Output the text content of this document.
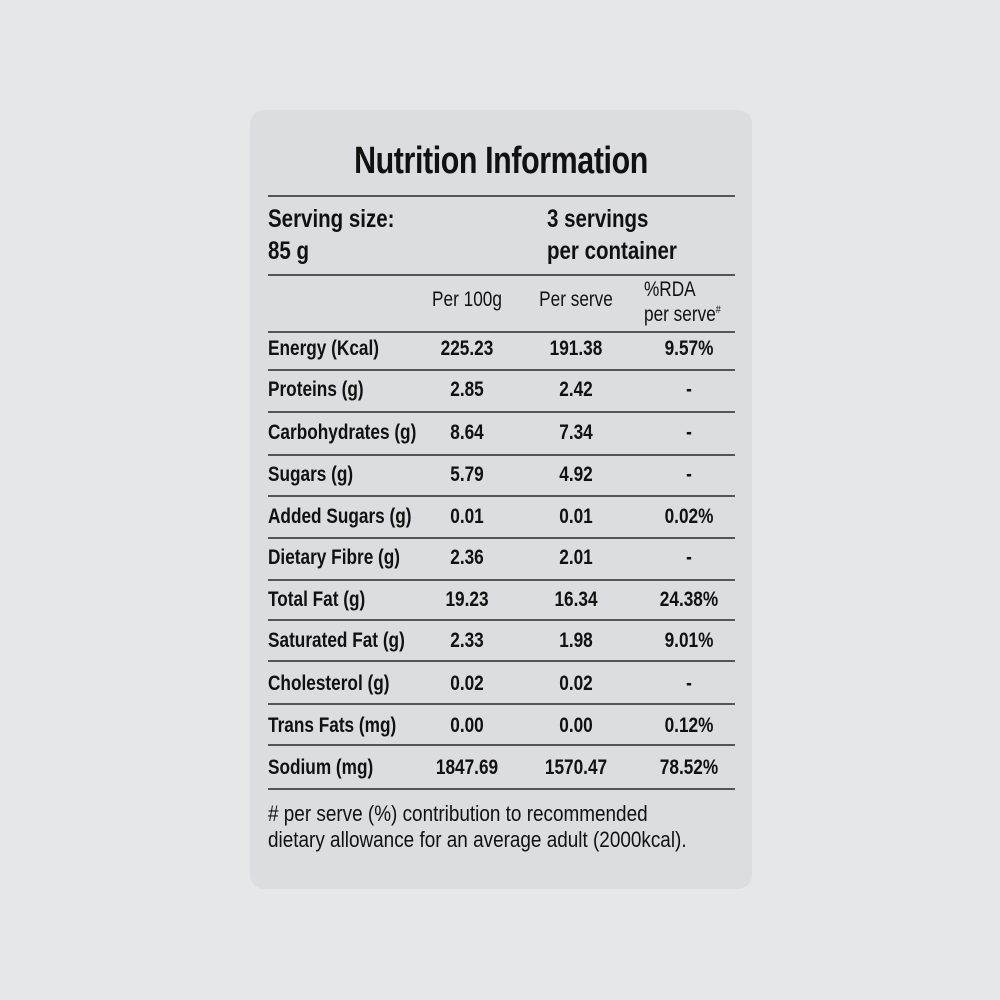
Nutrition Information
Serving size:
85 g
3 servings
per container
Per 100g	Per serve	%RDA
per serve#
Energy (Kcal)	225.23	191.38	9.57%
Proteins (g)	2.85	2.42	-
Carbohydrates (g)	8.64	7.34	-
Sugars (g)	5.79	4.92	-
Added Sugars (g)	0.01	0.01	0.02%
Dietary Fibre (g)	2.36	2.01	-
Total Fat (g)	19.23	16.34	24.38%
Saturated Fat (g)	2.33	1.98	9.01%
Cholesterol (g)	0.02	0.02	-
Trans Fats (mg)	0.00	0.00	0.12%
Sodium (mg)	1847.69	1570.47	78.52%
# per serve (%) contribution to recommended
dietary allowance for an average adult (2000kcal).
